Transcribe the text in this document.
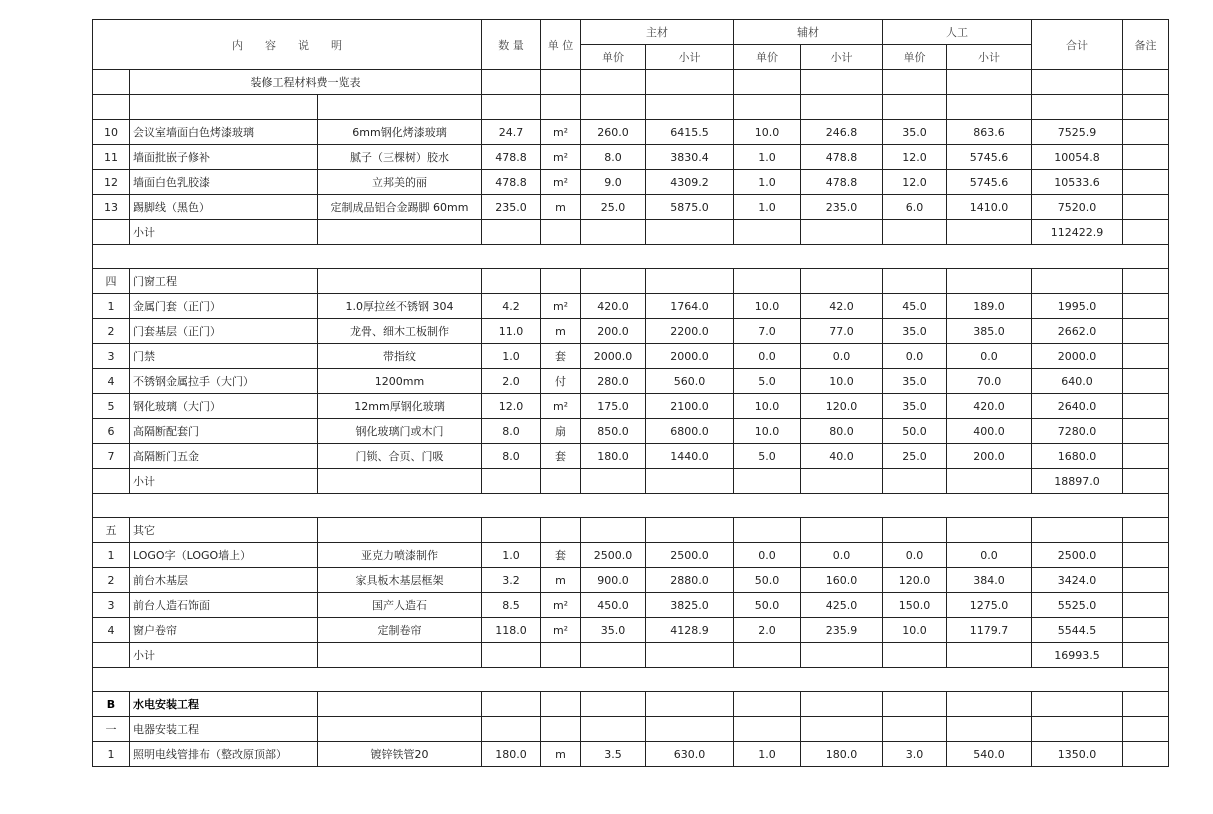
内　　容　　说　　明			数 量	单 位	主材		辅材		人工		合计	备注
					单价	小计	单价	小计	单价	小计		
	装修工程材料费一览表											

10	会议室墙面白色烤漆玻璃	6mm钢化烤漆玻璃	24.7	m²	260.0	6415.5	10.0	246.8	35.0	863.6	7525.9	
11	墙面批嵌子修补	腻子（三棵树）胶水	478.8	m²	8.0	3830.4	1.0	478.8	12.0	5745.6	10054.8	
12	墙面白色乳胶漆	立邦美的丽	478.8	m²	9.0	4309.2	1.0	478.8	12.0	5745.6	10533.6	
13	踢脚线（黑色）	定制成品铝合金踢脚 60mm	235.0	m	25.0	5875.0	1.0	235.0	6.0	1410.0	7520.0	
	小计										112422.9	

四	门窗工程											
1	金属门套（正门）	1.0厚拉丝不锈钢 304	4.2	m²	420.0	1764.0	10.0	42.0	45.0	189.0	1995.0	
2	门套基层（正门）	龙骨、细木工板制作	11.0	m	200.0	2200.0	7.0	77.0	35.0	385.0	2662.0	
3	门禁	带指纹	1.0	套	2000.0	2000.0	0.0	0.0	0.0	0.0	2000.0	
4	不锈钢金属拉手（大门）	1200mm	2.0	付	280.0	560.0	5.0	10.0	35.0	70.0	640.0	
5	钢化玻璃（大门）	12mm厚钢化玻璃	12.0	m²	175.0	2100.0	10.0	120.0	35.0	420.0	2640.0	
6	高隔断配套门	钢化玻璃门或木门	8.0	扇	850.0	6800.0	10.0	80.0	50.0	400.0	7280.0	
7	高隔断门五金	门锁、合页、门吸	8.0	套	180.0	1440.0	5.0	40.0	25.0	200.0	1680.0	
	小计										18897.0	

五	其它											
1	LOGO字（LOGO墙上）	亚克力喷漆制作	1.0	套	2500.0	2500.0	0.0	0.0	0.0	0.0	2500.0	
2	前台木基层	家具板木基层框架	3.2	m	900.0	2880.0	50.0	160.0	120.0	384.0	3424.0	
3	前台人造石饰面	国产人造石	8.5	m²	450.0	3825.0	50.0	425.0	150.0	1275.0	5525.0	
4	窗户卷帘	定制卷帘	118.0	m²	35.0	4128.9	2.0	235.9	10.0	1179.7	5544.5	
	小计										16993.5	

B	水电安装工程											
一	电器安装工程											
1	照明电线管排布（整改原顶部）	镀锌铁管20	180.0	m	3.5	630.0	1.0	180.0	3.0	540.0	1350.0	
